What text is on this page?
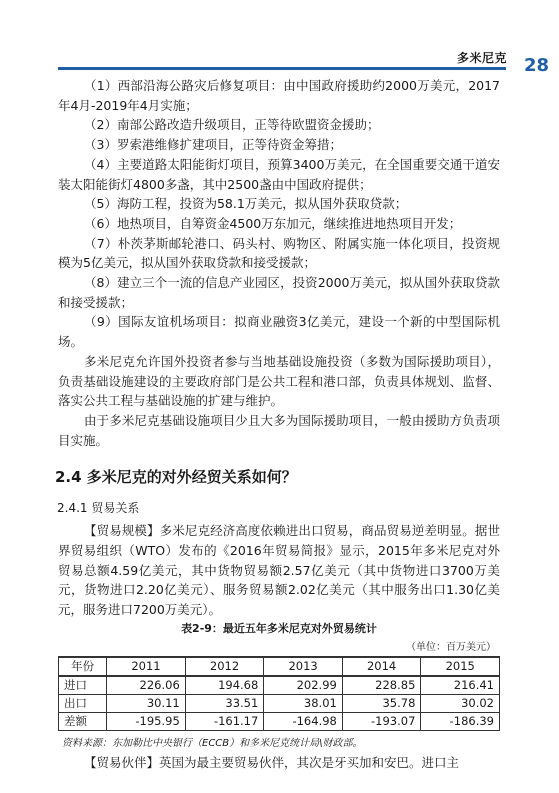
多米尼克 28

（1）西部沿海公路灾后修复项目：由中国政府援助约2000万美元，2017年4月-2019年4月实施；

（2）南部公路改造升级项目，正等待欧盟资金援助；

（3）罗索港维修扩建项目，正等待资金筹措；

（4）主要道路太阳能街灯项目，预算3400万美元，在全国重要交通干道安装太阳能街灯4800多盏，其中2500盏由中国政府提供；

（5）海防工程，投资为58.1万美元，拟从国外获取贷款；

（6）地热项目，自筹资金4500万东加元，继续推进地热项目开发；

（7）朴茨茅斯邮轮港口、码头村、购物区、附属实施一体化项目，投资规模为5亿美元，拟从国外获取贷款和接受援款；

（8）建立三个一流的信息产业园区，投资2000万美元，拟从国外获取贷款和接受援款；

（9）国际友谊机场项目：拟商业融资3亿美元，建设一个新的中型国际机场。

多米尼克允许国外投资者参与当地基础设施投资（多数为国际援助项目），负责基础设施建设的主要政府部门是公共工程和港口部，负责具体规划、监督、落实公共工程与基础设施的扩建与维护。

由于多米尼克基础设施项目少且大多为国际援助项目，一般由援助方负责项目实施。

2.4 多米尼克的对外经贸关系如何？
2.4.1 贸易关系

【贸易规模】多米尼克经济高度依赖进出口贸易，商品贸易逆差明显。据世界贸易组织（WTO）发布的《2016年贸易简报》显示，2015年多米尼克对外贸易总额4.59亿美元，其中货物贸易额2.57亿美元（其中货物进口3700万美元，货物进口2.20亿美元）、服务贸易额2.02亿美元（其中服务出口1.30亿美元，服务进口7200万美元）。

表2-9：最近五年多米尼克对外贸易统计
（单位：百万美元）
年份	2011	2012	2013	2014	2015
进口	226.06	194.68	202.99	228.85	216.41
出口	30.11	33.51	38.01	35.78	30.02
差额	-195.95	-161.17	-164.98	-193.07	-186.39
资料来源：东加勒比中央银行（ECCB）和多米尼克统计局\财政部。

【贸易伙伴】英国为最主要贸易伙伴，其次是牙买加和安巴。进口主
